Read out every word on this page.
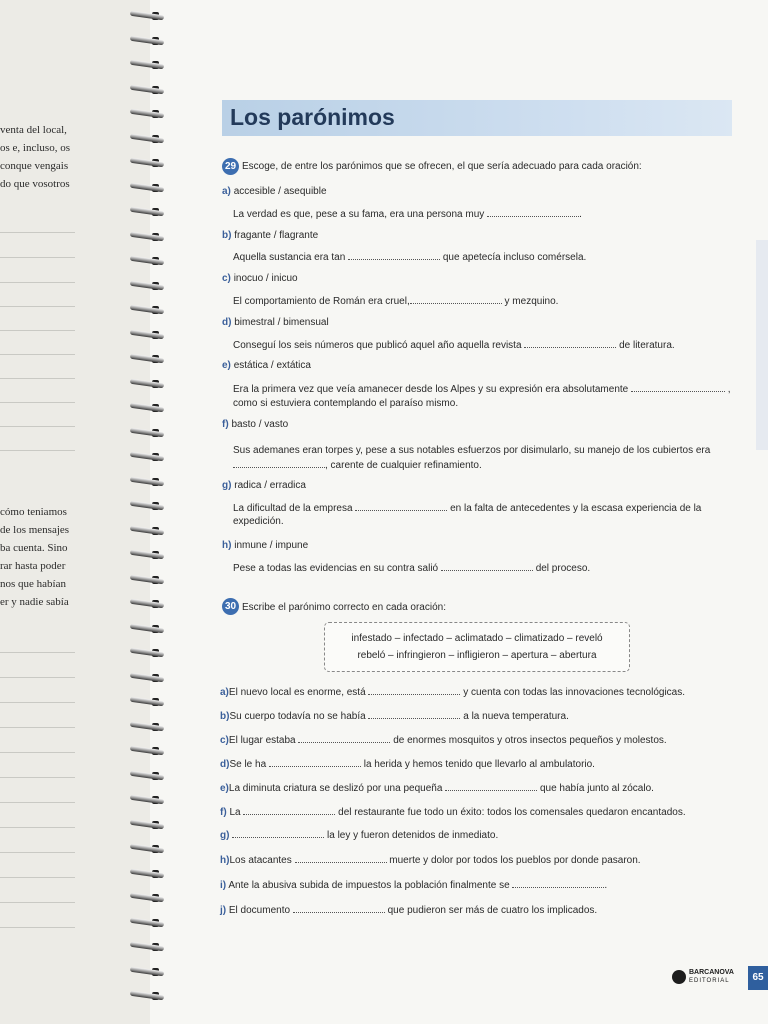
venta del local,
os e, incluso, os
conque vengais
do que vosotros
cómo teniamos
de los mensajes
ba cuenta. Sino
rar hasta poder
nos que habían
er y nadie sabía
Los parónimos
29 Escoge, de entre los parónimos que se ofrecen, el que sería adecuado para cada oración:
a) accesible / asequible
La verdad es que, pese a su fama, era una persona muy	.
b) fragante / flagrante
Aquella sustancia era tan	que apetecía incluso comérsela.
c) inocuo / inicuo
El comportamiento de Román era cruel,	y mezquino.
d) bimestral / bimensual
Conseguí los seis números que publicó aquel año aquella revista	de literatura.
e) estática / extática
Era la primera vez que veía amanecer desde los Alpes y su expresión era absolutamente	,
como si estuviera contemplando el paraíso mismo.
f) basto / vasto
Sus ademanes eran torpes y, pese a sus notables esfuerzos por disimularlo, su manejo de los cubiertos era
, carente de cualquier refinamiento.
g) radica / erradica
La dificultad de la empresa	en la falta de antecedentes y la escasa experiencia de la
expedición.
h) inmune / impune
Pese a todas las evidencias en su contra salió	del proceso.
30 Escribe el parónimo correcto en cada oración:
infestado – infectado – aclimatado – climatizado – reveló
rebeló – infringieron – infligieron – apertura – abertura
a)El nuevo local es enorme, está	y cuenta con todas las innovaciones tecnológicas.
b)Su cuerpo todavía no se había	a la nueva temperatura.
c)El lugar estaba	de enormes mosquitos y otros insectos pequeños y molestos.
d)Se le ha	la herida y hemos tenido que llevarlo al ambulatorio.
e)La diminuta criatura se deslizó por una pequeña	que había junto al zócalo.
f) La	del restaurante fue todo un éxito: todos los comensales quedaron encantados.
g)	la ley y fueron detenidos de inmediato.
h)Los atacantes	muerte y dolor por todos los pueblos por donde pasaron.
i) Ante la abusiva subida de impuestos la población finalmente se	.
j) El documento	que pudieron ser más de cuatro los implicados.
BARCANOVA
EDITORIAL	65
